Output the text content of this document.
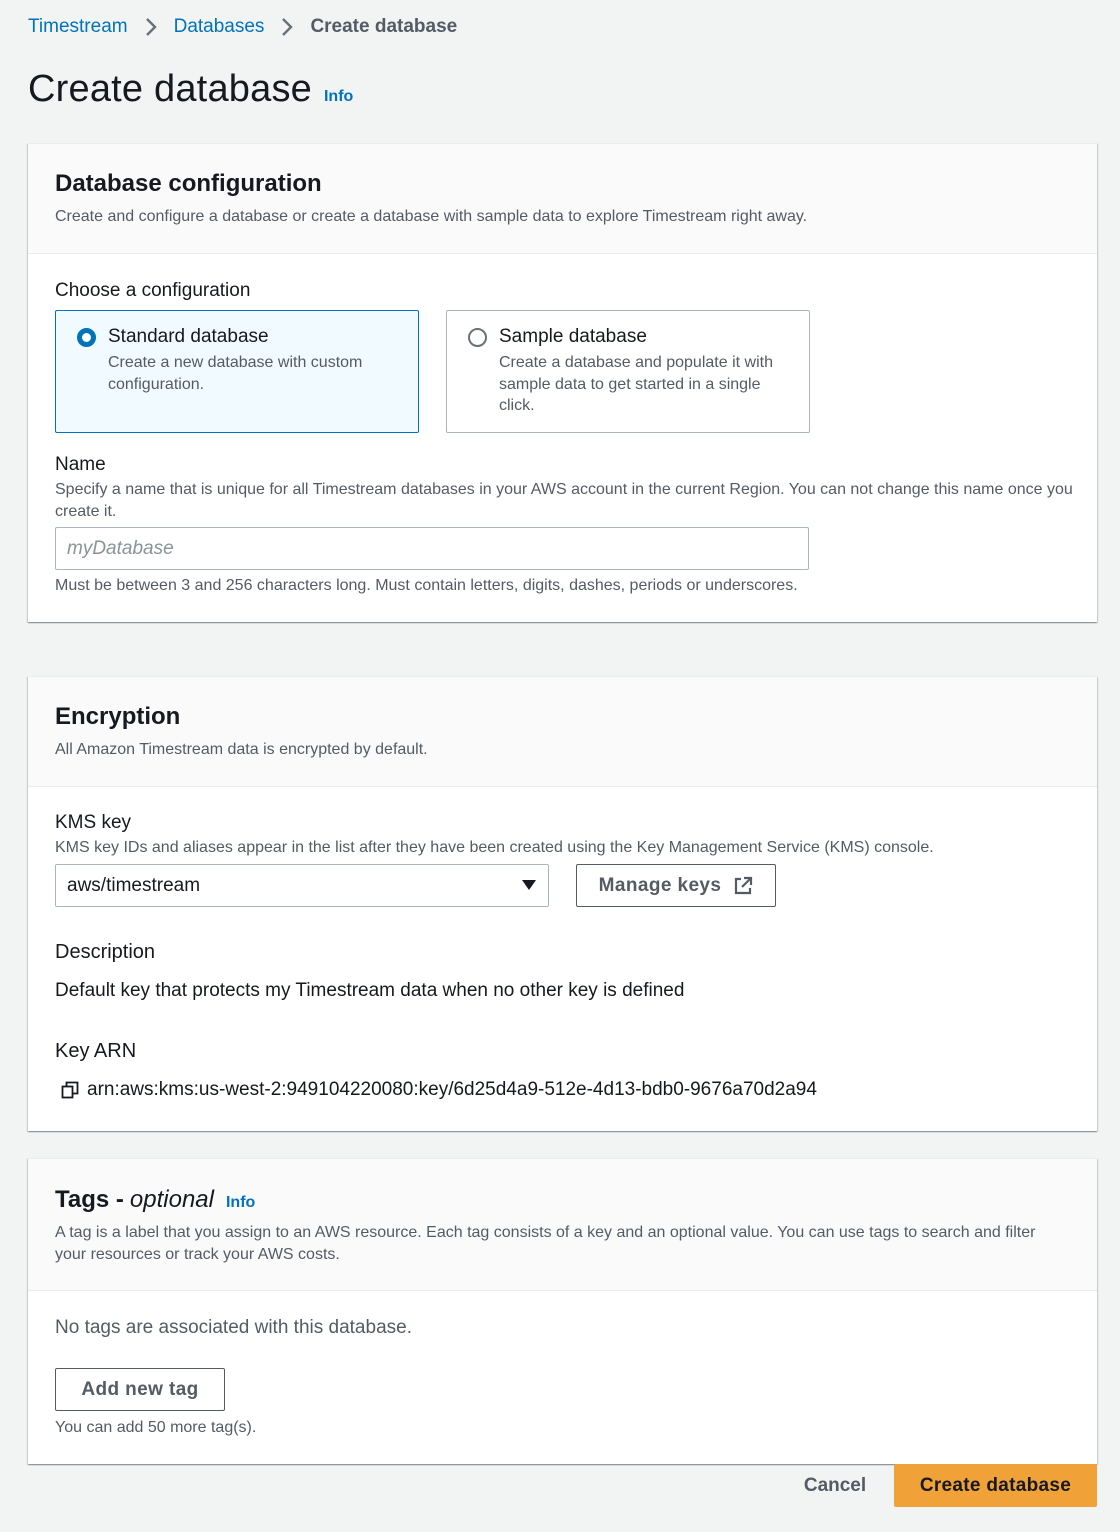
Timestream Databases Create database
Create database Info
Database configuration

Create and configure a database or create a database with sample data to explore Timestream right away.

Choose a configuration
Standard database
Create a new database with custom configuration.
Sample database
Create a database and populate it with sample data to get started in a single click.
Name
Specify a name that is unique for all Timestream databases in your AWS account in the current Region. You can not change this name once you create it.
myDatabase
Must be between 3 and 256 characters long. Must contain letters, digits, dashes, periods or underscores.
Encryption

All Amazon Timestream data is encrypted by default.

KMS key
KMS key IDs and aliases appear in the list after they have been created using the Key Management Service (KMS) console.
aws/timestream	Manage keys
Description
Default key that protects my Timestream data when no other key is defined
Key ARN
arn:aws:kms:us-west-2:949104220080:key/6d25d4a9-512e-4d13-bdb0-9676a70d2a94
Tags - optional Info

A tag is a label that you assign to an AWS resource. Each tag consists of a key and an optional value. You can use tags to search and filter your resources or track your AWS costs.

No tags are associated with this database.
Add new tag
You can add 50 more tag(s).
Cancel	Create database
